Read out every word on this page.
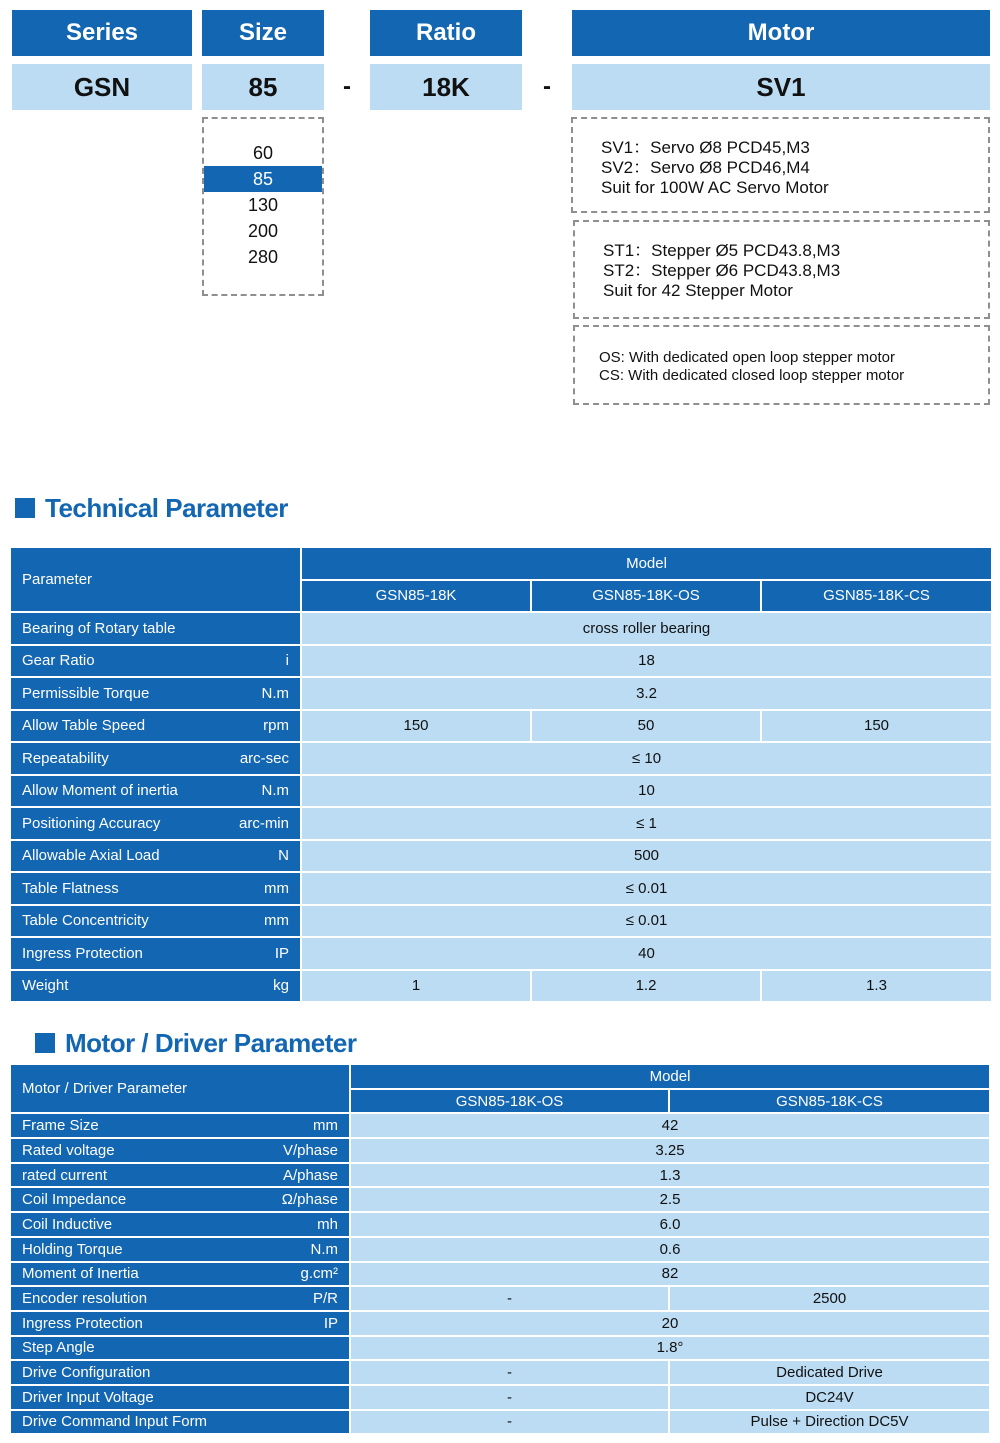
Series	Size	Ratio	Motor
GSN	85	-	18K	-	SV1
60
85
130
200
280
SV1：Servo Ø8 PCD45,M3
SV2：Servo Ø8 PCD46,M4
Suit for 100W AC Servo Motor
ST1：Stepper Ø5 PCD43.8,M3
ST2：Stepper Ø6 PCD43.8,M3
Suit for 42 Stepper Motor
OS: With dedicated open loop stepper motor
CS: With dedicated closed loop stepper motor
Technical Parameter
Parameter	Model		
	GSN85-18K	GSN85-18K-OS	GSN85-18K-CS

Bearing of Rotary table	cross roller bearing		

Gear Ratio i	18		

Permissible Torque N.m	3.2		

Allow Table Speed rpm	150	50	150

Repeatability arc-sec	≤ 10		

Allow Moment of inertia N.m	10		

Positioning Accuracy arc-min	≤ 1		

Allowable Axial Load N	500		

Table Flatness mm	≤ 0.01		

Table Concentricity mm	≤ 0.01		

Ingress Protection IP	40		

Weight kg	1	1.2	1.3
Motor / Driver Parameter
Motor / Driver Parameter	Model	
	GSN85-18K-OS	GSN85-18K-CS

Frame Size mm	42	

Rated voltage V/phase	3.25	

rated current A/phase	1.3	

Coil Impedance Ω/phase	2.5	

Coil Inductive mh	6.0	

Holding Torque N.m	0.6	

Moment of Inertia g.cm²	82	

Encoder resolution P/R	-	2500

Ingress Protection IP	20	

Step Angle	1.8°	

Drive Configuration	-	Dedicated Drive

Driver Input Voltage	-	DC24V

Drive Command Input Form	-	Pulse + Direction DC5V
